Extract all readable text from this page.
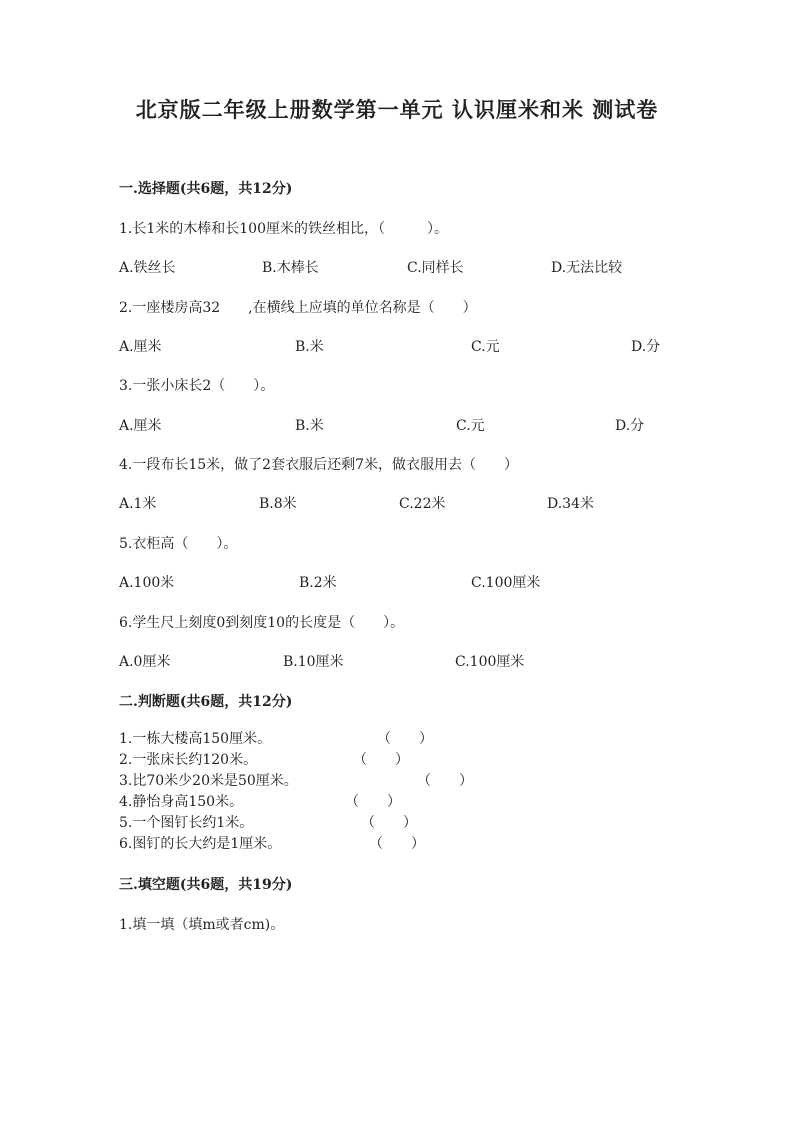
北京版二年级上册数学第一单元 认识厘米和米 测试卷
一.选择题(共6题，共12分)
1.长1米的木棒和长100厘米的铁丝相比，（　　　）。
A.铁丝长	B.木棒长	C.同样长	D.无法比较
2.一座楼房高32　　,在横线上应填的单位名称是（　　）
A.厘米	B.米	C.元	D.分
3.一张小床长2（　　）。
A.厘米	B.米	C.元	D.分
4.一段布长15米，做了2套衣服后还剩7米，做衣服用去（　　）
A.1米	B.8米	C.22米	D.34米
5.衣柜高（　　）。
A.100米	B.2米	C.100厘米
6.学生尺上刻度0到刻度10的长度是（　　）。
A.0厘米	B.10厘米	C.100厘米
二.判断题(共6题，共12分)
1.一栋大楼高150厘米。	（　　）
2.一张床长约120米。	（　　）
3.比70米少20米是50厘米。	（　　）
4.静怡身高150米。	（　　）
5.一个图钉长约1米。	（　　）
6.图钉的长大约是1厘米。	（　　）
三.填空题(共6题，共19分)
1.填一填（填m或者cm)。
